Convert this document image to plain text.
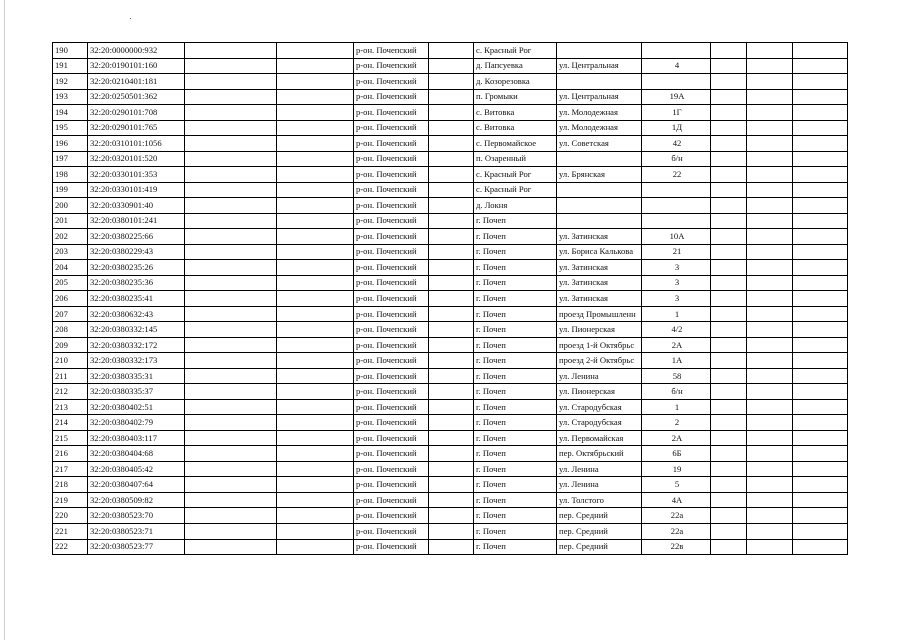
190	32:20:0000000:932			р-он. Почепский		с. Красный Рог					
191	32:20:0190101:160			р-он. Почепский		д. Папсуевка	ул. Центральная	4			
192	32:20:0210401:181			р-он. Почепский		д. Козорезовка					
193	32:20:0250501:362			р-он. Почепский		п. Громыки	ул. Центральная	19А			
194	32:20:0290101:708			р-он. Почепский		с. Витовка	ул. Молодежная	1Г			
195	32:20:0290101:765			р-он. Почепский		с. Витовка	ул. Молодежная	1Д			
196	32:20:0310101:1056			р-он. Почепский		с. Первомайское	ул. Советская	42			
197	32:20:0320101:520			р-он. Почепский		п. Озаренный		б/н			
198	32:20:0330101:353			р-он. Почепский		с. Красный Рог	ул. Брянская	22			
199	32:20:0330101:419			р-он. Почепский		с. Красный Рог					
200	32:20:0330901:40			р-он. Почепский		д. Локня					
201	32:20:0380101:241			р-он. Почепский		г. Почеп					
202	32:20:0380225:66			р-он. Почепский		г. Почеп	ул. Затинская	10А			
203	32:20:0380229:43			р-он. Почепский		г. Почеп	ул. Бориса Калькова	21			
204	32:20:0380235:26			р-он. Почепский		г. Почеп	ул. Затинская	3			
205	32:20:0380235:36			р-он. Почепский		г. Почеп	ул. Затинская	3			
206	32:20:0380235:41			р-он. Почепский		г. Почеп	ул. Затинская	3			
207	32:20:0380632:43			р-он. Почепский		г. Почеп	проезд Промышленн	1			
208	32:20:0380332:145			р-он. Почепский		г. Почеп	ул. Пионерская	4/2			
209	32:20:0380332:172			р-он. Почепский		г. Почеп	проезд 1-й Октябрьс	2А			
210	32:20:0380332:173			р-он. Почепский		г. Почеп	проезд 2-й Октябрьс	1А			
211	32:20:0380335:31			р-он. Почепский		г. Почеп	ул. Ленина	58			
212	32:20:0380335:37			р-он. Почепский		г. Почеп	ул. Пионерская	б/н			
213	32:20:0380402:51			р-он. Почепский		г. Почеп	ул. Стародубская	1			
214	32:20:0380402:79			р-он. Почепский		г. Почеп	ул. Стародубская	2			
215	32:20:0380403:117			р-он. Почепский		г. Почеп	ул. Первомайская	2А			
216	32:20:0380404:68			р-он. Почепский		г. Почеп	пер. Октябрьский	6Б			
217	32:20:0380405:42			р-он. Почепский		г. Почеп	ул. Ленина	19			
218	32:20:0380407:64			р-он. Почепский		г. Почеп	ул. Ленина	5			
219	32:20:0380509:82			р-он. Почепский		г. Почеп	ул. Толстого	4А			
220	32:20:0380523:70			р-он. Почепский		г. Почеп	пер. Средний	22а			
221	32:20:0380523:71			р-он. Почепский		г. Почеп	пер. Средний	22а			
222	32:20:0380523:77			р-он. Почепский		г. Почеп	пер. Средний	22в			
